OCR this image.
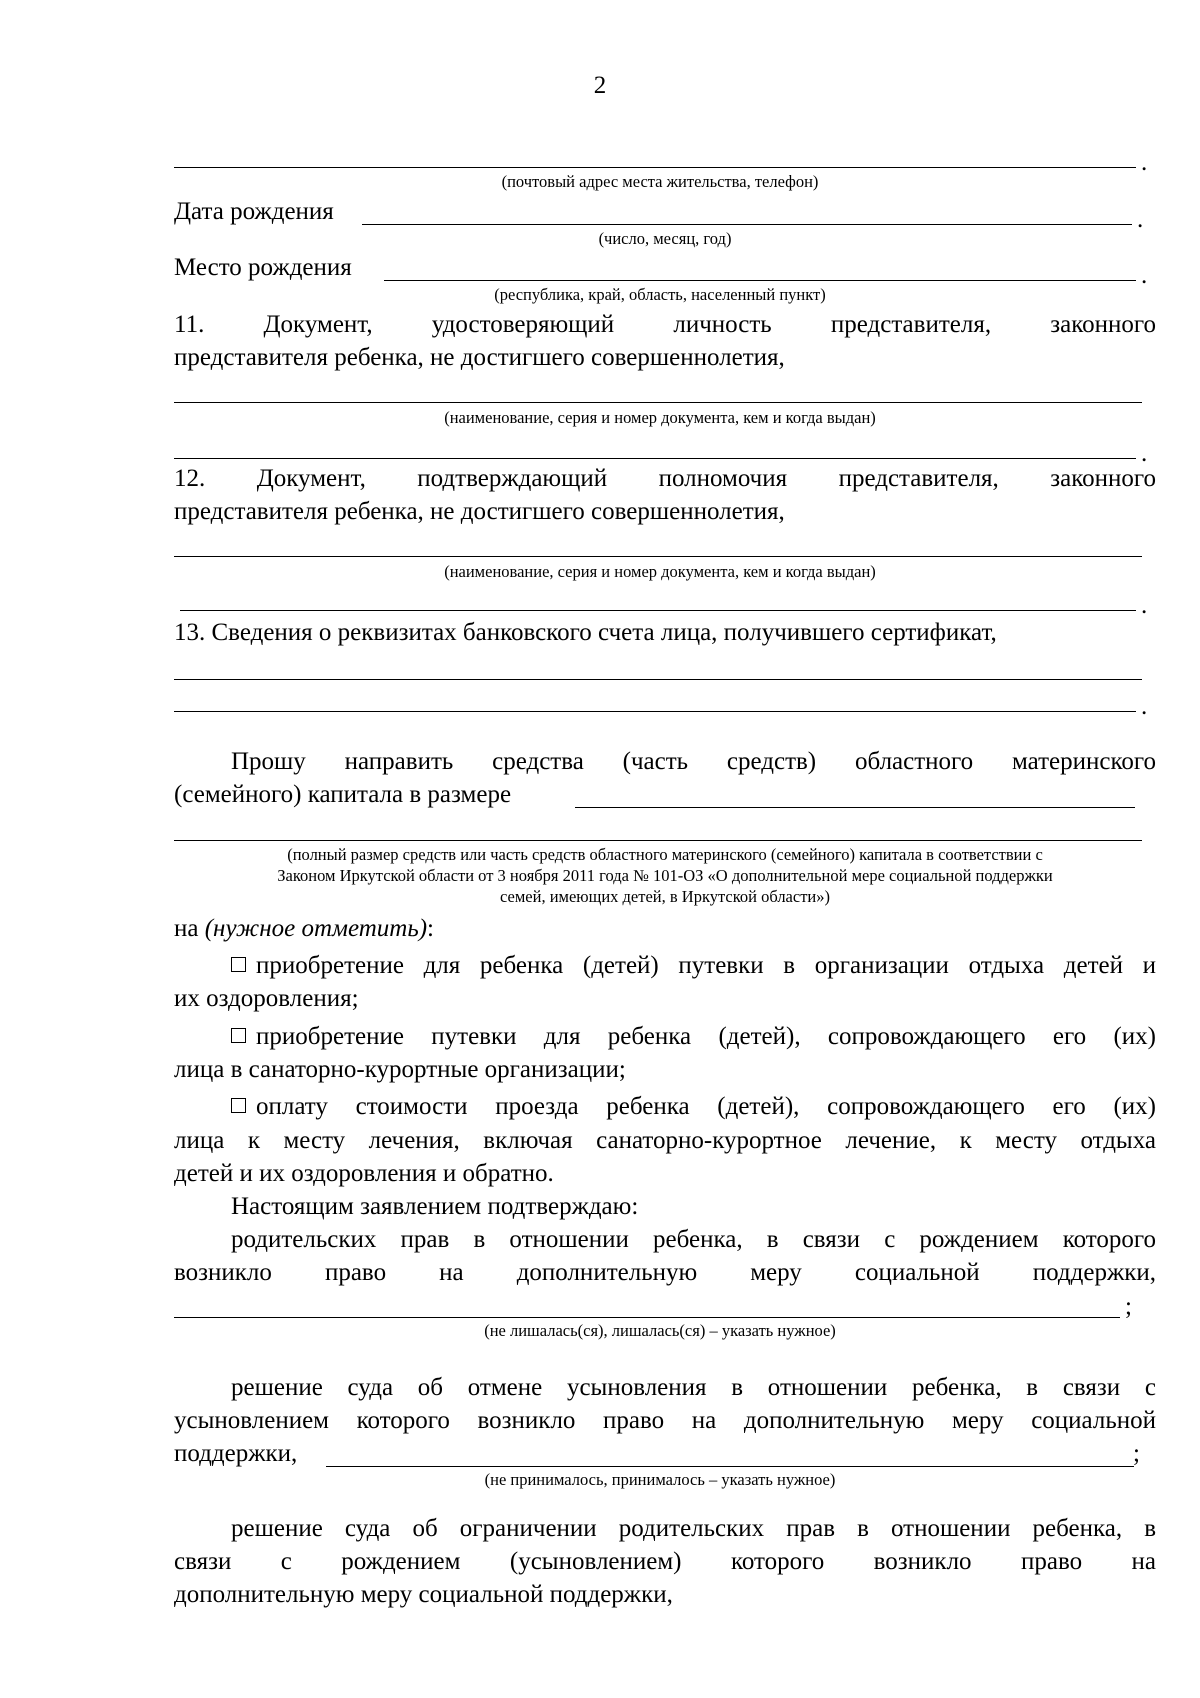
2
.
(почтовый адрес места жительства, телефон)
Дата рождения	.
(число, месяц, год)
Место рождения	.
(республика, край, область, населенный пункт)
11. Документ, удостоверяющий личность представителя, законного
представителя ребенка, не достигшего совершеннолетия,
(наименование, серия и номер документа, кем и когда выдан)
.
12. Документ, подтверждающий полномочия представителя, законного
представителя ребенка, не достигшего совершеннолетия,
(наименование, серия и номер документа, кем и когда выдан)
.
13. Сведения о реквизитах банковского счета лица, получившего сертификат,
.
Прошу направить средства (часть средств) областного материнского
(семейного) капитала в размере
(полный размер средств или часть средств областного материнского (семейного) капитала в соответствии с
Законом Иркутской области от 3 ноября 2011 года № 101-ОЗ «О дополнительной мере социальной поддержки
семей, имеющих детей, в Иркутской области»)
на (нужное отметить):
приобретение для ребенка (детей) путевки в организации отдыха детей и
их оздоровления;
приобретение путевки для ребенка (детей), сопровождающего его (их)
лица в санаторно-курортные организации;
оплату стоимости проезда ребенка (детей), сопровождающего его (их)
лица к месту лечения, включая санаторно-курортное лечение, к месту отдыха
детей и их оздоровления и обратно.
Настоящим заявлением подтверждаю:
родительских прав в отношении ребенка, в связи с рождением которого
возникло право на дополнительную меру социальной поддержки,
;
(не лишалась(ся), лишалась(ся) – указать нужное)
решение суда об отмене усыновления в отношении ребенка, в связи с
усыновлением которого возникло право на дополнительную меру социальной
поддержки,	;
(не принималось, принималось – указать нужное)
решение суда об ограничении родительских прав в отношении ребенка, в
связи с рождением (усыновлением) которого возникло право на
дополнительную меру социальной поддержки,
